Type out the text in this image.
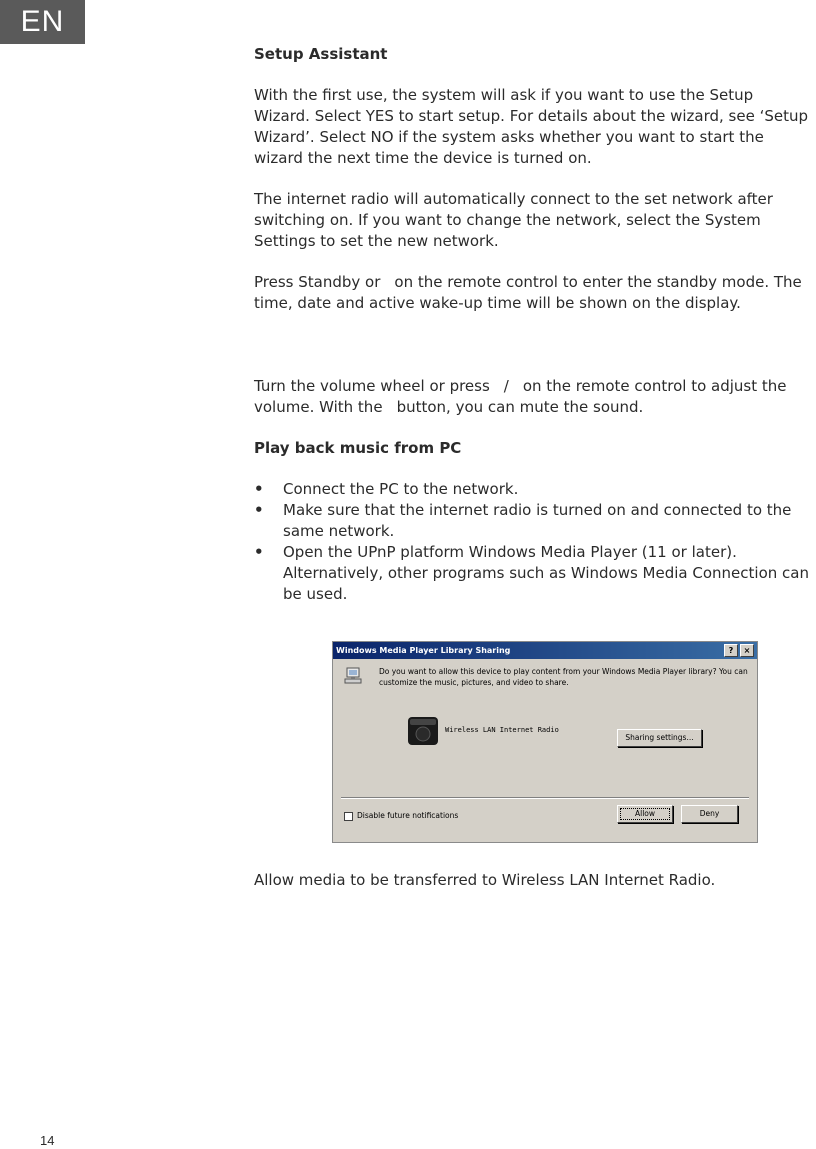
EN

Setup Assistant

With the first use, the system will ask if you want to use the Setup Wizard. Select YES to start setup. For details about the wizard, see ‘Setup Wizard’. Select NO if the system asks whether you want to start the wizard the next time the device is turned on.

The internet radio will automatically connect to the set network after switching on. If you want to change the network, select the System Settings to set the new network.

Press Standby or on the remote control to enter the standby mode. The time, date and active wake-up time will be shown on the display.

Turn the volume wheel or press / on the remote control to adjust the volume. With the button, you can mute the sound.

Play back music from PC

• Connect the PC to the network.
• Make sure that the internet radio is turned on and connected to the same network.
• Open the UPnP platform Windows Media Player (11 or later). Alternatively, other programs such as Windows Media Connection can be used.
Windows Media Player Library Sharing	?	×
Do you want to allow this device to play content from your Windows Media Player library? You can customize the music, pictures, and video to share.
Wireless LAN Internet Radio
Sharing settings...
Disable future notifications	Allow	Deny
Allow media to be transferred to Wireless LAN Internet Radio.
14
